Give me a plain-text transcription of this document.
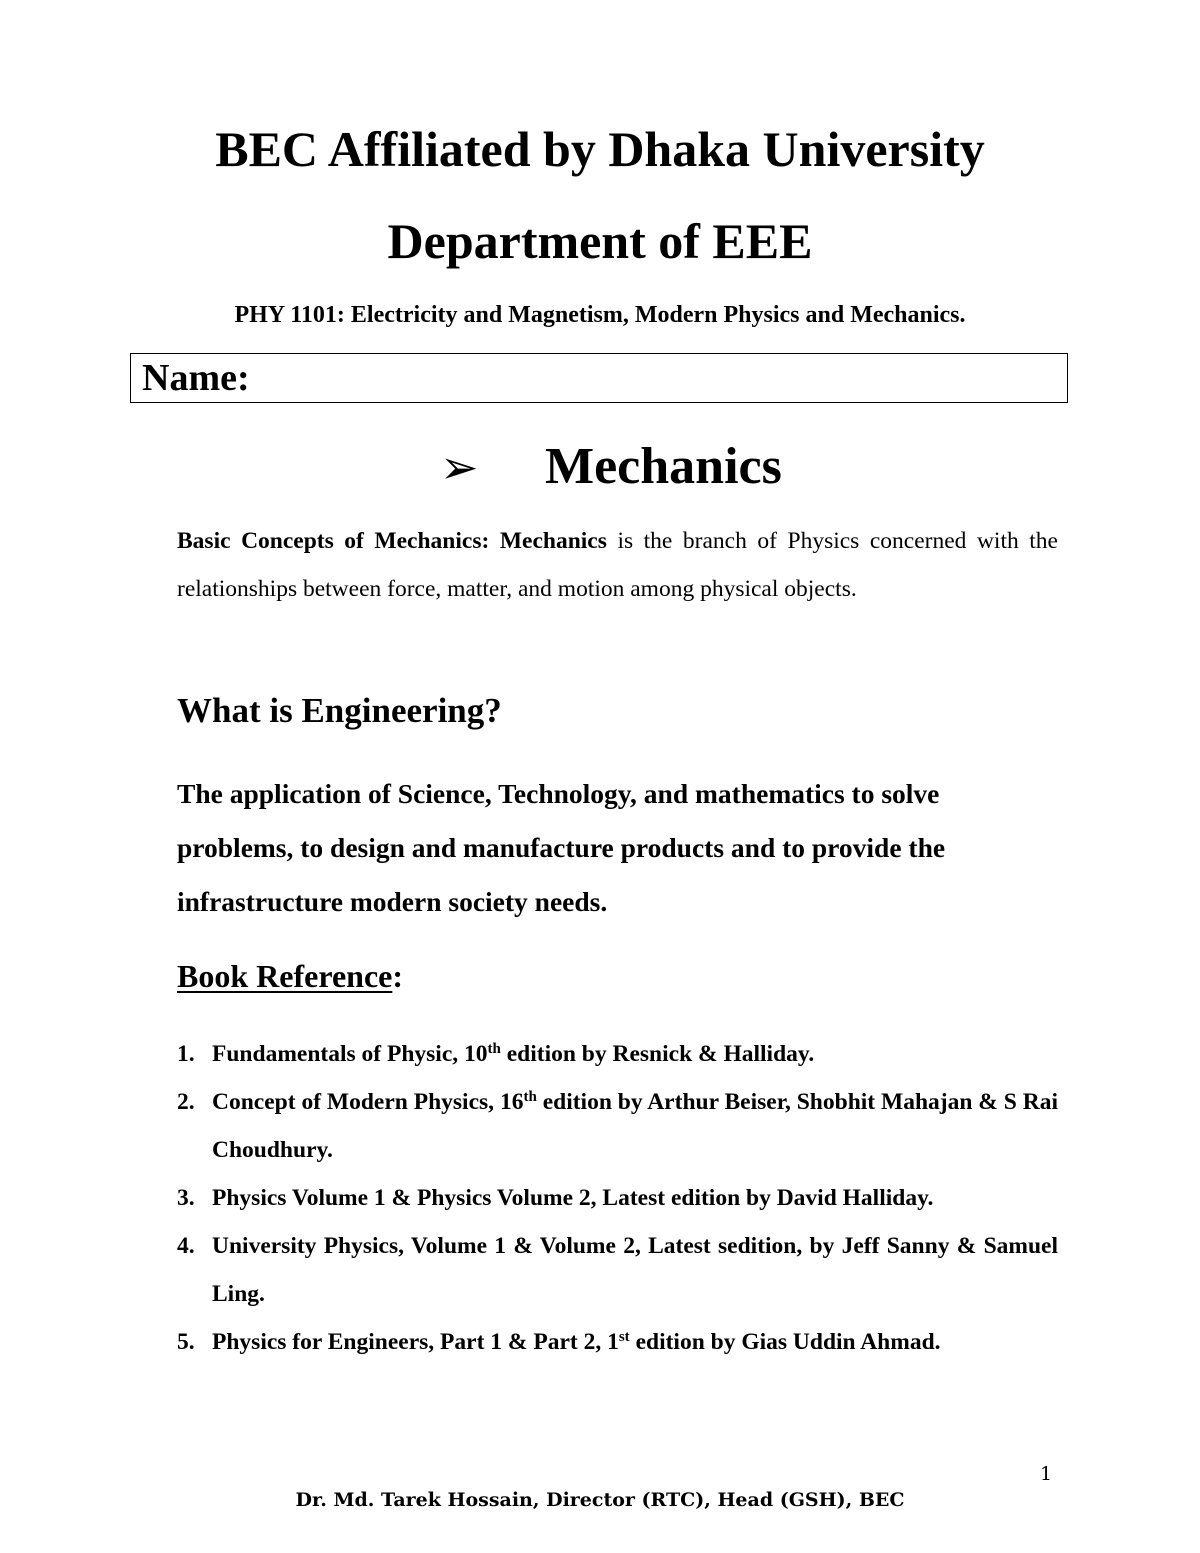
BEC Affiliated by Dhaka University
Department of EEE
PHY 1101: Electricity and Magnetism, Modern Physics and Mechanics.
Name:
➢ Mechanics
Basic Concepts of Mechanics: Mechanics is the branch of Physics concerned with the relationships between force, matter, and motion among physical objects.
What is Engineering?
The application of Science, Technology, and mathematics to solve problems, to design and manufacture products and to provide the infrastructure modern society needs.
Book Reference:
1. Fundamentals of Physic, 10th edition by Resnick & Halliday.
2. Concept of Modern Physics, 16th edition by Arthur Beiser, Shobhit Mahajan & S Rai Choudhury.
3. Physics Volume 1 & Physics Volume 2, Latest edition by David Halliday.
4. University Physics, Volume 1 & Volume 2, Latest sedition, by Jeff Sanny & Samuel Ling.
5. Physics for Engineers, Part 1 & Part 2, 1st edition by Gias Uddin Ahmad.
1
Dr. Md. Tarek Hossain, Director (RTC), Head (GSH), BEC
